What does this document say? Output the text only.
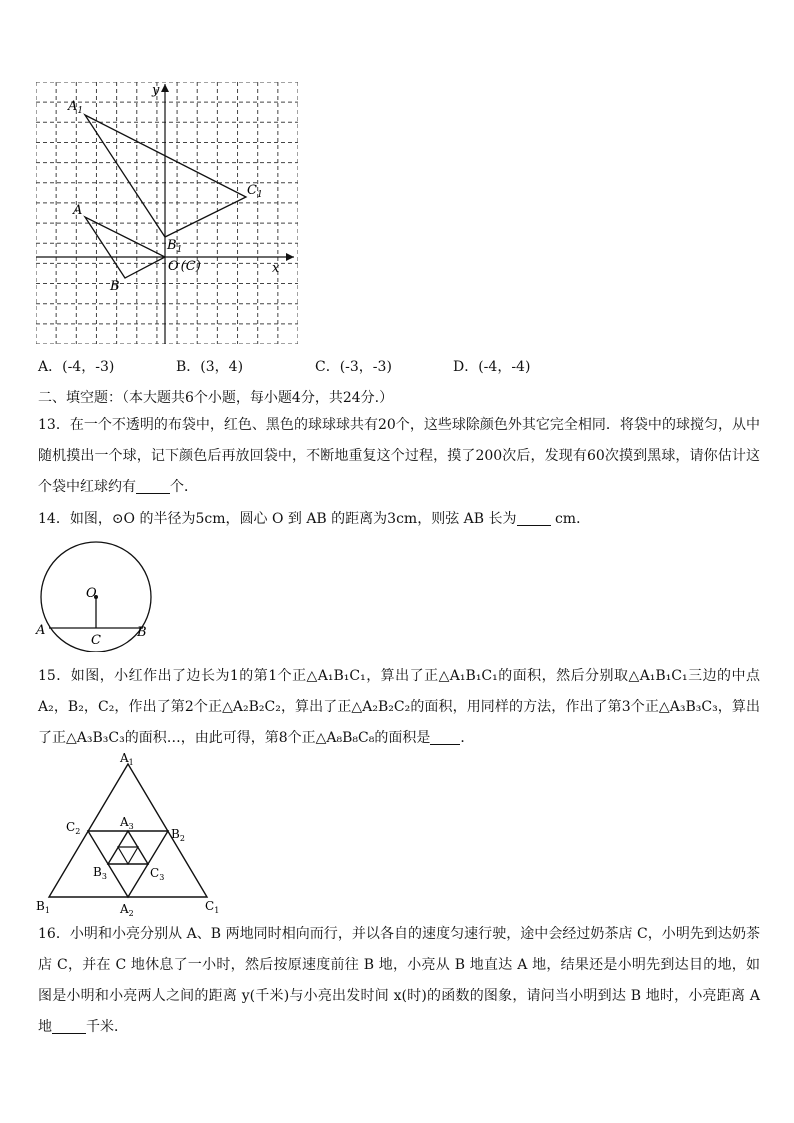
y
x
$A_1$
$C_1$
A
B
$B_1$
O (C)
A．(-4，-3)	B．(3，4)	C．(-3，-3)	D．(-4，-4)
二、填空题：（本大题共6个小题，每小题4分，共24分.）
13．在一个不透明的布袋中，红色、黑色的球球球共有20个，这些球除颜色外其它完全相同．将袋中的球搅匀，从中随机摸出一个球，记下颜色后再放回袋中，不断地重复这个过程，摸了200次后，发现有60次摸到黑球，请你估计这个袋中红球约有 个．
14．如图，⊙O 的半径为5cm，圆心 O 到 AB 的距离为3cm，则弦 AB 长为 cm．
O
A	B
C
15．如图，小红作出了边长为1的第1个正△A₁B₁C₁，算出了正△A₁B₁C₁的面积，然后分别取△A₁B₁C₁三边的中点A₂，B₂，C₂，作出了第2个正△A₂B₂C₂，算出了正△A₂B₂C₂的面积，用同样的方法，作出了第3个正△A₃B₃C₃，算出了正△A₃B₃C₃的面积…，由此可得，第8个正△A₈B₈C₈的面积是 ．
$A_1$
$B_1$	$C_1$
$A_2$
$B_2$
$C_2$
$A_3$
$B_3$	$C_3$
16．小明和小亮分别从 A、B 两地同时相向而行，并以各自的速度匀速行驶，途中会经过奶茶店 C，小明先到达奶茶店 C，并在 C 地休息了一小时，然后按原速度前往 B 地，小亮从 B 地直达 A 地，结果还是小明先到达目的地，如图是小明和小亮两人之间的距离 y(千米)与小亮出发时间 x(时)的函数的图象，请问当小明到达 B 地时，小亮距离 A 地 千米．
